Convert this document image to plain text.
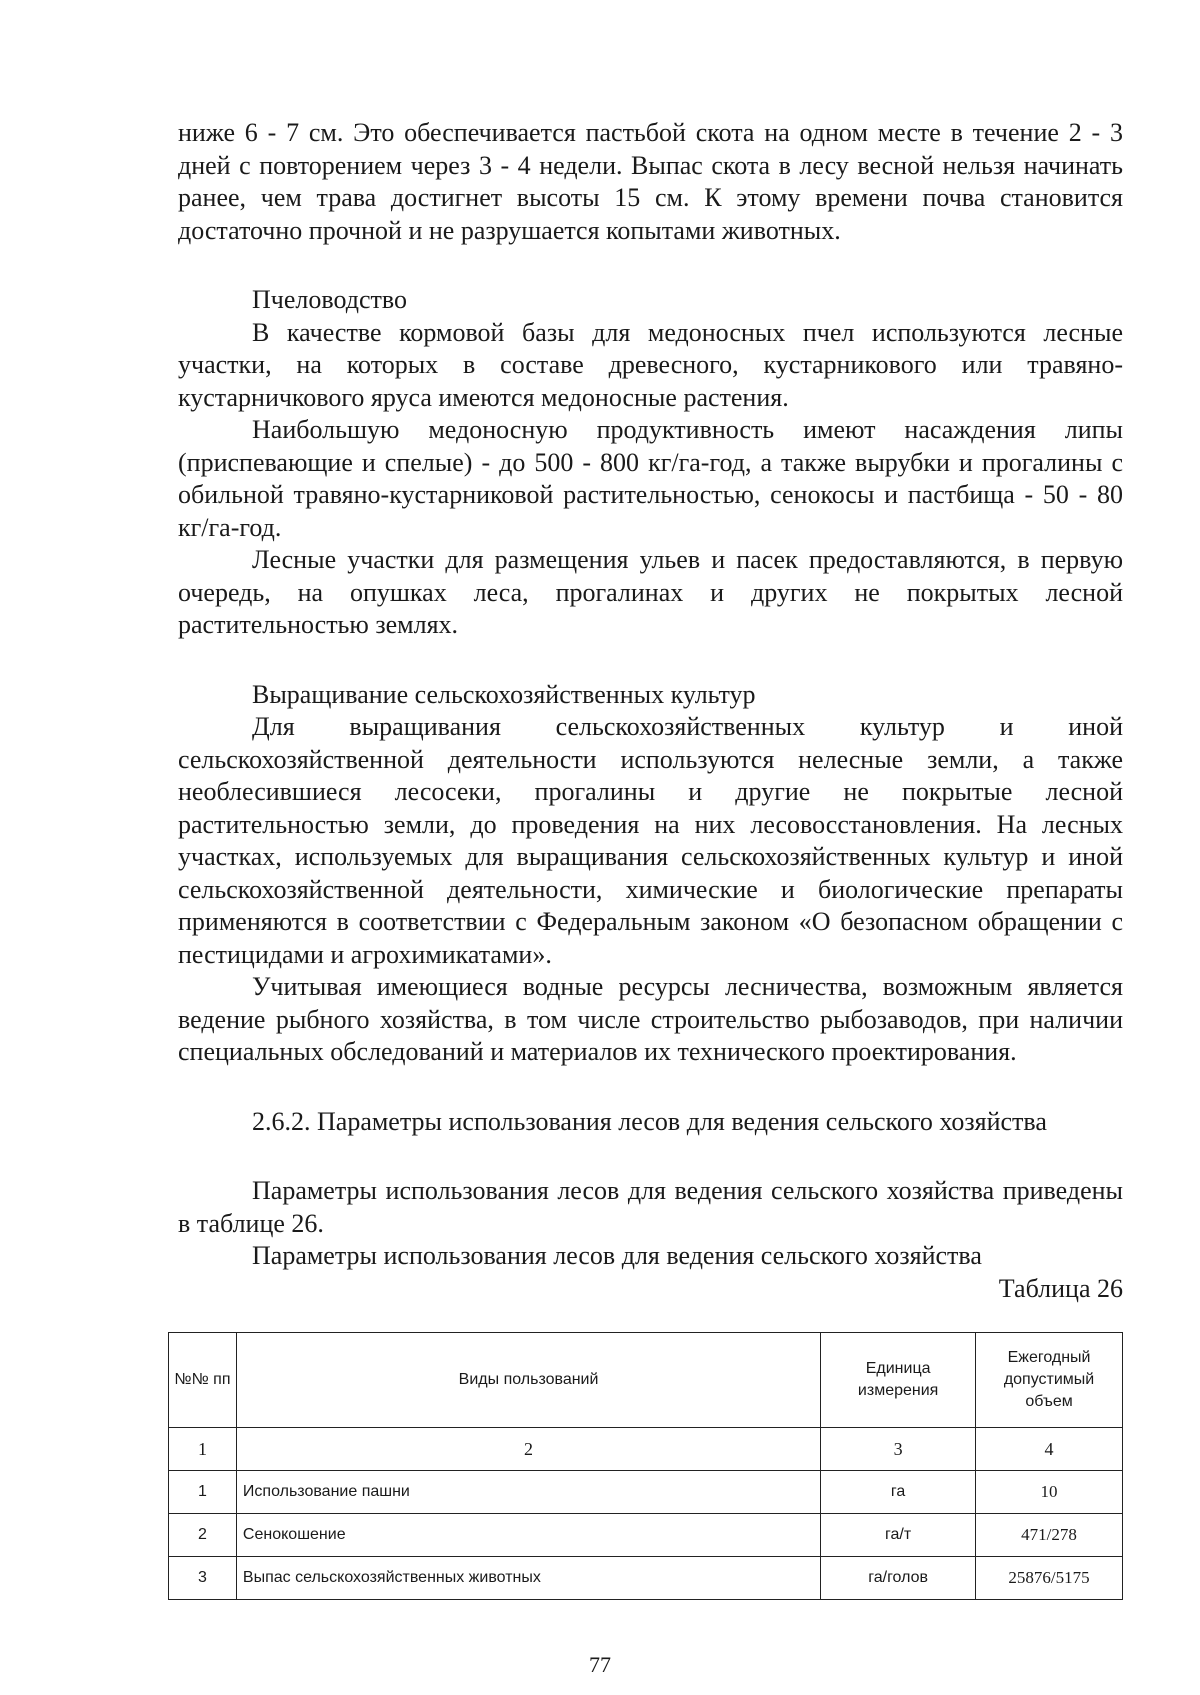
ниже 6 - 7 см. Это обеспечивается пастьбой скота на одном месте в течение 2 - 3 дней с повторением через 3 - 4 недели. Выпас скота в лесу весной нельзя начинать ранее, чем трава достигнет высоты 15 см. К этому времени почва становится достаточно прочной и не разрушается копытами животных.

Пчеловодство

В качестве кормовой базы для медоносных пчел используются лесные участки, на которых в составе древесного, кустарникового или травяно-кустарничкового яруса имеются медоносные растения.

Наибольшую медоносную продуктивность имеют насаждения липы (приспевающие и спелые) - до 500 - 800 кг/га-год, а также вырубки и прогалины с обильной травяно-кустарниковой растительностью, сенокосы и пастбища - 50 - 80 кг/га-год.

Лесные участки для размещения ульев и пасек предоставляются, в первую очередь, на опушках леса, прогалинах и других не покрытых лесной растительностью землях.

Выращивание сельскохозяйственных культур

Для выращивания сельскохозяйственных культур и иной сельскохозяйственной деятельности используются нелесные земли, а также необлесившиеся лесосеки, прогалины и другие не покрытые лесной растительностью земли, до проведения на них лесовосстановления. На лесных участках, используемых для выращивания сельскохозяйственных культур и иной сельскохозяйственной деятельности, химические и биологические препараты применяются в соответствии с Федеральным законом «О безопасном обращении с пестицидами и агрохимикатами».

Учитывая имеющиеся водные ресурсы лесничества, возможным является ведение рыбного хозяйства, в том числе строительство рыбозаводов, при наличии специальных обследований и материалов их технического проектирования.

2.6.2. Параметры использования лесов для ведения сельского хозяйства

Параметры использования лесов для ведения сельского хозяйства приведены в таблице 26.

Параметры использования лесов для ведения сельского хозяйства

Таблица 26

№№ пп	Виды пользований	Единица измерения	Ежегодный допустимый объем
1	2	3	4
1	Использование пашни	га	10
2	Сенокошение	га/т	471/278
3	Выпас сельскохозяйственных животных	га/голов	25876/5175
77
